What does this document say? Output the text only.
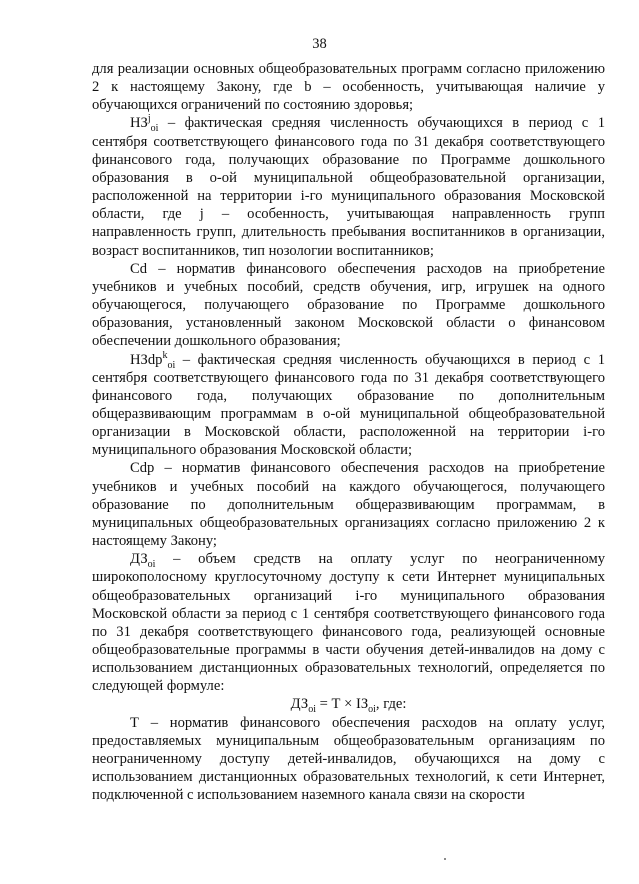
38

для реализации основных общеобразовательных программ согласно приложению 2 к настоящему Закону, где b – особенность, учитывающая наличие у обучающихся ограничений по состоянию здоровья;

$НЗ^j_{oi}$ – фактическая средняя численность обучающихся в период с 1 сентября соответствующего финансового года по 31 декабря соответствующего финансового года, получающих образование по Программе дошкольного образования в o-ой муниципальной общеобразовательной организации, расположенной на территории i-го муниципального образования Московской области, где j – особенность, учитывающая направленность групп направленность групп, длительность пребывания воспитанников в организации, возраст воспитанников, тип нозологии воспитанников;

Cd – норматив финансового обеспечения расходов на приобретение учебников и учебных пособий, средств обучения, игр, игрушек на одного обучающегося, получающего образование по Программе дошкольного образования, установленный законом Московской области о финансовом обеспечении дошкольного образования;

НЗdp$^k_{oi}$ – фактическая средняя численность обучающихся в период с 1 сентября соответствующего финансового года по 31 декабря соответствующего финансового года, получающих образование по дополнительным общеразвивающим программам в o-ой муниципальной общеобразовательной организации в Московской области, расположенной на территории i-го муниципального образования Московской области;

Cdp – норматив финансового обеспечения расходов на приобретение учебников и учебных пособий на каждого обучающегося, получающего образование по дополнительным общеразвивающим программам, в муниципальных общеобразовательных организациях согласно приложению 2 к настоящему Закону;

$ДЗ_{oi}$ – объем средств на оплату услуг по неограниченному широкополосному круглосуточному доступу к сети Интернет муниципальных общеобразовательных организаций i-го муниципального образования Московской области за период с 1 сентября соответствующего финансового года по 31 декабря соответствующего финансового года, реализующей основные общеобразовательные программы в части обучения детей-инвалидов на дому с использованием дистанционных образовательных технологий, определяется по следующей формуле:

$ДЗ_{oi} = Т \times IЗ_{oi}$, где:

Т – норматив финансового обеспечения расходов на оплату услуг, предоставляемых муниципальным общеобразовательным организациям по неограниченному доступу детей-инвалидов, обучающихся на дому с использованием дистанционных образовательных технологий, к сети Интернет, подключенной с использованием наземного канала связи на скорости
